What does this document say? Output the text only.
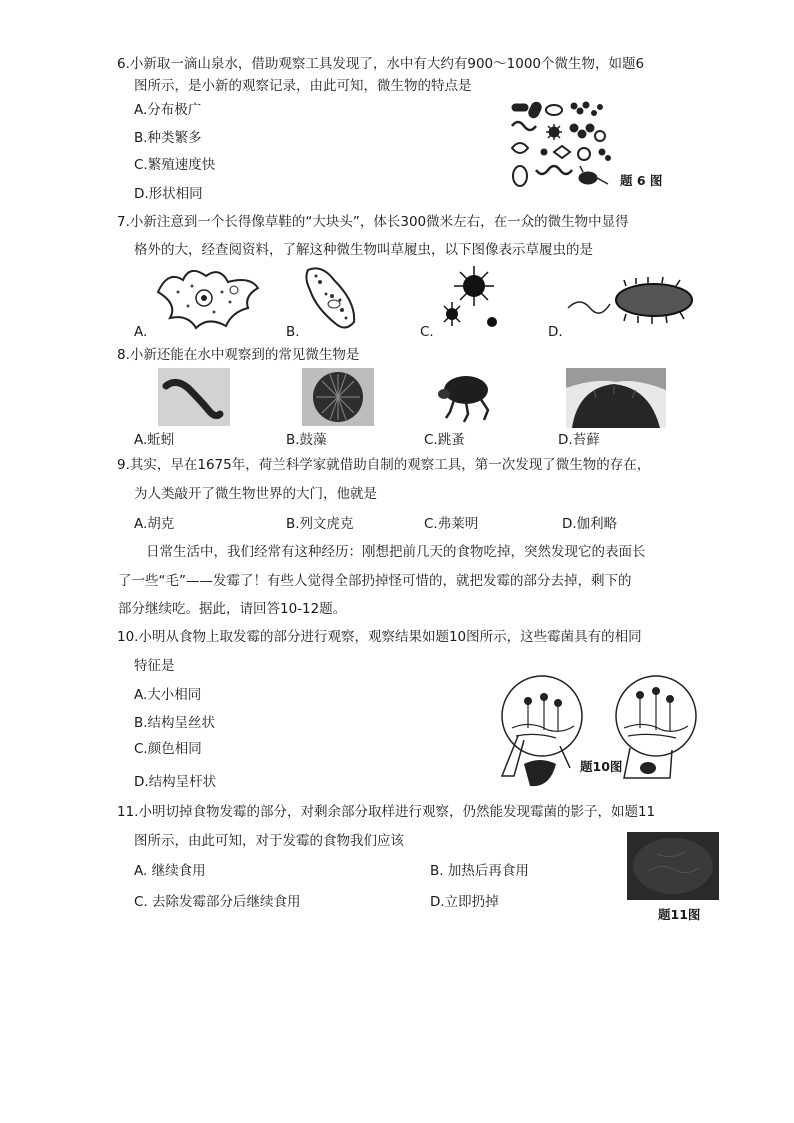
6.小新取一滴山泉水，借助观察工具发现了，水中有大约有900～1000个微生物，如题6
图所示，是小新的观察记录，由此可知，微生物的特点是
A.分布极广
B.种类繁多
C.繁殖速度快
D.形状相同
题 6 图
7.小新注意到一个长得像草鞋的“大块头”，体长300微米左右，在一众的微生物中显得
格外的大，经查阅资料，了解这种微生物叫草履虫，以下图像表示草履虫的是
A.	B.	C.	D.
8.小新还能在水中观察到的常见微生物是
A.蚯蚓	B.鼓藻	C.跳蚤	D.苔藓
9.其实，早在1675年，荷兰科学家就借助自制的观察工具，第一次发现了微生物的存在，
为人类敲开了微生物世界的大门，他就是
A.胡克	B.列文虎克	C.弗莱明	D.伽利略
日常生活中，我们经常有这种经历：刚想把前几天的食物吃掉，突然发现它的表面长
了一些“毛”——发霉了！有些人觉得全部扔掉怪可惜的，就把发霉的部分去掉，剩下的
部分继续吃。据此，请回答10-12题。
10.小明从食物上取发霉的部分进行观察，观察结果如题10图所示，这些霉菌具有的相同
特征是
A.大小相同
B.结构呈丝状
C.颜色相同
D.结构呈杆状
题10图
11.小明切掉食物发霉的部分，对剩余部分取样进行观察，仍然能发现霉菌的影子，如题11
图所示，由此可知，对于发霉的食物我们应该
A. 继续食用	B. 加热后再食用
C. 去除发霉部分后继续食用	D.立即扔掉
题11图
